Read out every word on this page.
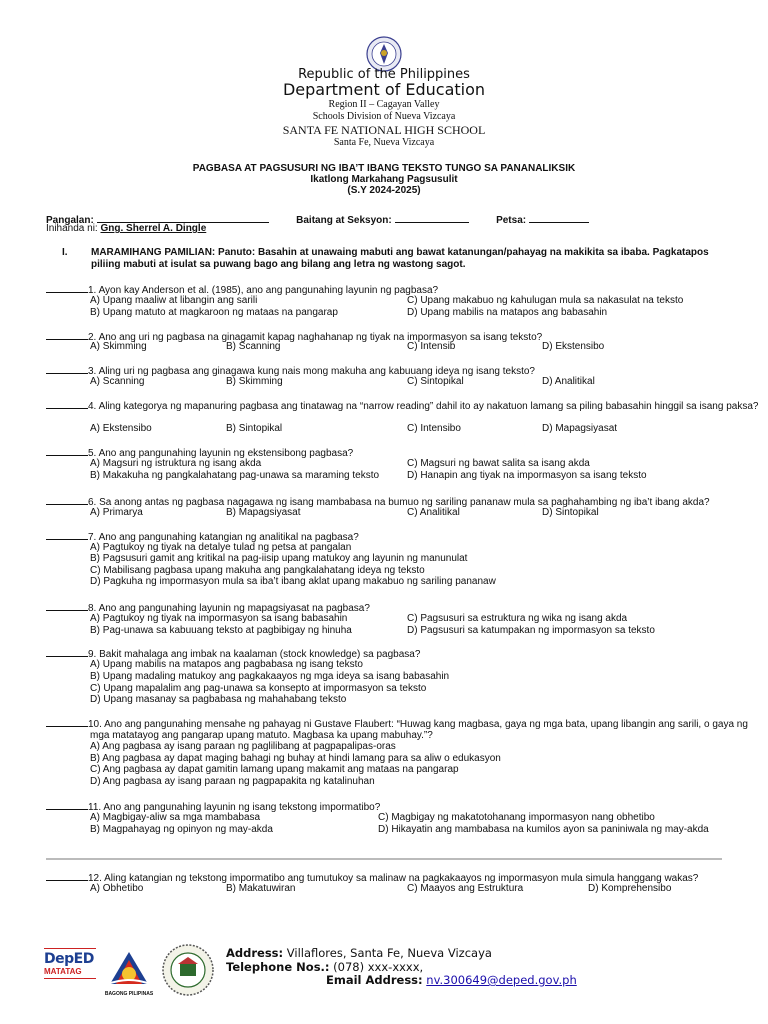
Republic of the Philippines
Department of Education
Region II – Cagayan Valley
Schools Division of Nueva Vizcaya
SANTA FE NATIONAL HIGH SCHOOL
Santa Fe, Nueva Vizcaya
PAGBASA AT PAGSUSURI NG IBA’T IBANG TEKSTO TUNGO SA PANANALIKSIK
Ikatlong Markahang Pagsusulit
(S.Y 2024-2025)
Pangalan:	Baitang at Seksyon:	Petsa:
Inihanda ni: Gng. Sherrel A. Dingle
I. MARAMIHANG PAMILIAN: Panuto: Basahin at unawaing mabuti ang bawat katanungan/pahayag na makikita sa ibaba. Pagkatapos piliing mabuti at isulat sa puwang bago ang bilang ang letra ng wastong sagot.
1. Ayon kay Anderson et al. (1985), ano ang pangunahing layunin ng pagbasa?
A) Upang maaliw at libangin ang sarili	C) Upang makabuo ng kahulugan mula sa nakasulat na teksto
B) Upang matuto at magkaroon ng mataas na pangarap	D) Upang mabilis na matapos ang babasahin
2. Ano ang uri ng pagbasa na ginagamit kapag naghahanap ng tiyak na impormasyon sa isang teksto?
A) Skimming	B) Scanning	C) Intensib	D) Ekstensibo
3. Aling uri ng pagbasa ang ginagawa kung nais mong makuha ang kabuuang ideya ng isang teksto?
A) Scanning	B) Skimming	C) Sintopikal	D) Analitikal
4. Aling kategorya ng mapanuring pagbasa ang tinatawag na “narrow reading” dahil ito ay nakatuon lamang sa piling babasahin hinggil sa isang paksa?
A) Ekstensibo	B) Sintopikal	C) Intensibo	D) Mapagsiyasat
5. Ano ang pangunahing layunin ng ekstensibong pagbasa?
A) Magsuri ng istruktura ng isang akda	C) Magsuri ng bawat salita sa isang akda
B) Makakuha ng pangkalahatang pag-unawa sa maraming teksto	D) Hanapin ang tiyak na impormasyon sa isang teksto
6. Sa anong antas ng pagbasa nagagawa ng isang mambabasa na bumuo ng sariling pananaw mula sa paghahambing ng iba’t ibang akda?
A) Primarya	B) Mapagsiyasat	C) Analitikal	D) Sintopikal
7. Ano ang pangunahing katangian ng analitikal na pagbasa?
A) Pagtukoy ng tiyak na detalye tulad ng petsa at pangalan
B) Pagsusuri gamit ang kritikal na pag-iisip upang matukoy ang layunin ng manunulat
C) Mabilisang pagbasa upang makuha ang pangkalahatang ideya ng teksto
D) Pagkuha ng impormasyon mula sa iba’t ibang aklat upang makabuo ng sariling pananaw
8. Ano ang pangunahing layunin ng mapagsiyasat na pagbasa?
A) Pagtukoy ng tiyak na impormasyon sa isang babasahin	C) Pagsusuri sa estruktura ng wika ng isang akda
B) Pag-unawa sa kabuuang teksto at pagbibigay ng hinuha	D) Pagsusuri sa katumpakan ng impormasyon sa teksto
9. Bakit mahalaga ang imbak na kaalaman (stock knowledge) sa pagbasa?
A) Upang mabilis na matapos ang pagbabasa ng isang teksto
B) Upang madaling matukoy ang pagkakaayos ng mga ideya sa isang babasahin
C) Upang mapalalim ang pag-unawa sa konsepto at impormasyon sa teksto
D) Upang masanay sa pagbabasa ng mahahabang teksto
10. Ano ang pangunahing mensahe ng pahayag ni Gustave Flaubert: “Huwag kang magbasa, gaya ng mga bata, upang libangin ang sarili, o gaya ng mga matatayog ang pangarap upang matuto. Magbasa ka upang mabuhay.”?
A) Ang pagbasa ay isang paraan ng paglilibang at pagpapalipas-oras
B) Ang pagbasa ay dapat maging bahagi ng buhay at hindi lamang para sa aliw o edukasyon
C) Ang pagbasa ay dapat gamitin lamang upang makamit ang mataas na pangarap
D) Ang pagbasa ay isang paraan ng pagpapakita ng katalinuhan
11. Ano ang pangunahing layunin ng isang tekstong impormatibo?
A) Magbigay-aliw sa mga mambabasa	C) Magbigay ng makatotohanang impormasyon nang obhetibo
B) Magpahayag ng opinyon ng may-akda	D) Hikayatin ang mambabasa na kumilos ayon sa paniniwala ng may-akda
12. Aling katangian ng tekstong impormatibo ang tumutukoy sa malinaw na pagkakaayos ng impormasyon mula simula hanggang wakas?
A) Obhetibo	B) Makatuwiran	C) Maayos ang Estruktura	D) Komprehensibo
DepED
MATATAG
BAGONG PILIPINAS
Address: Villaflores, Santa Fe, Nueva Vizcaya
Telephone Nos.: (078) xxx-xxxx,
Email Address: nv.300649@deped.gov.ph
